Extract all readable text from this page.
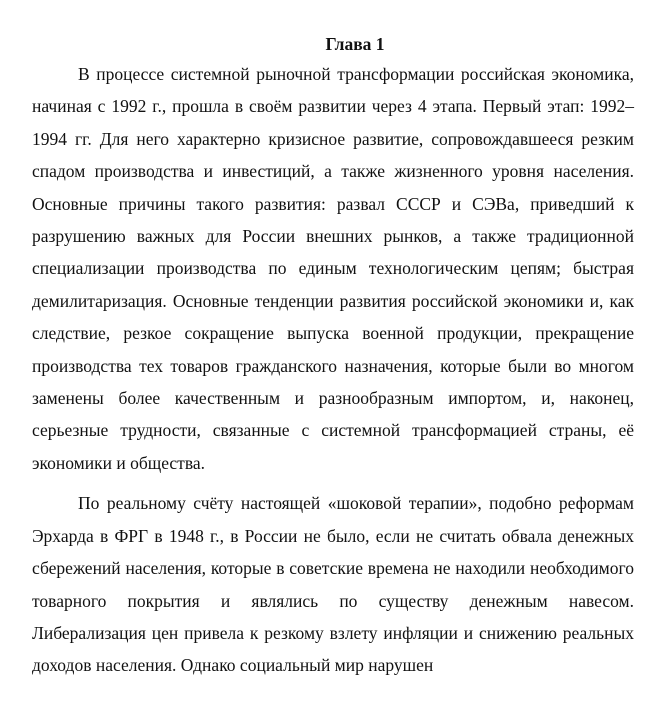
Глава 1

В процессе системной рыночной трансформации российская экономика, начиная с 1992 г., прошла в своём развитии через 4 этапа. Первый этап: 1992–1994 гг. Для него характерно кризисное развитие, сопровождавшееся резким спадом производства и инвестиций, а также жизненного уровня населения. Основные причины такого развития: развал СССР и СЭВа, приведший к разрушению важных для России внешних рынков, а также традиционной специализации производства по единым технологическим цепям; быстрая демилитаризация. Основные тенденции развития российской экономики и, как следствие, резкое сокращение выпуска военной продукции, прекращение производства тех товаров гражданского назначения, которые были во многом заменены более качественным и разнообразным импортом, и, наконец, серьезные трудности, связанные с системной трансформацией страны, её экономики и общества.

По реальному счёту настоящей «шоковой терапии», подобно реформам Эрхарда в ФРГ в 1948 г., в России не было, если не считать обвала денежных сбережений населения, которые в советские времена не находили необходимого товарного покрытия и являлись по существу денежным навесом. Либерализация цен привела к резкому взлету инфляции и снижению реальных доходов населения. Однако социальный мир нарушен
